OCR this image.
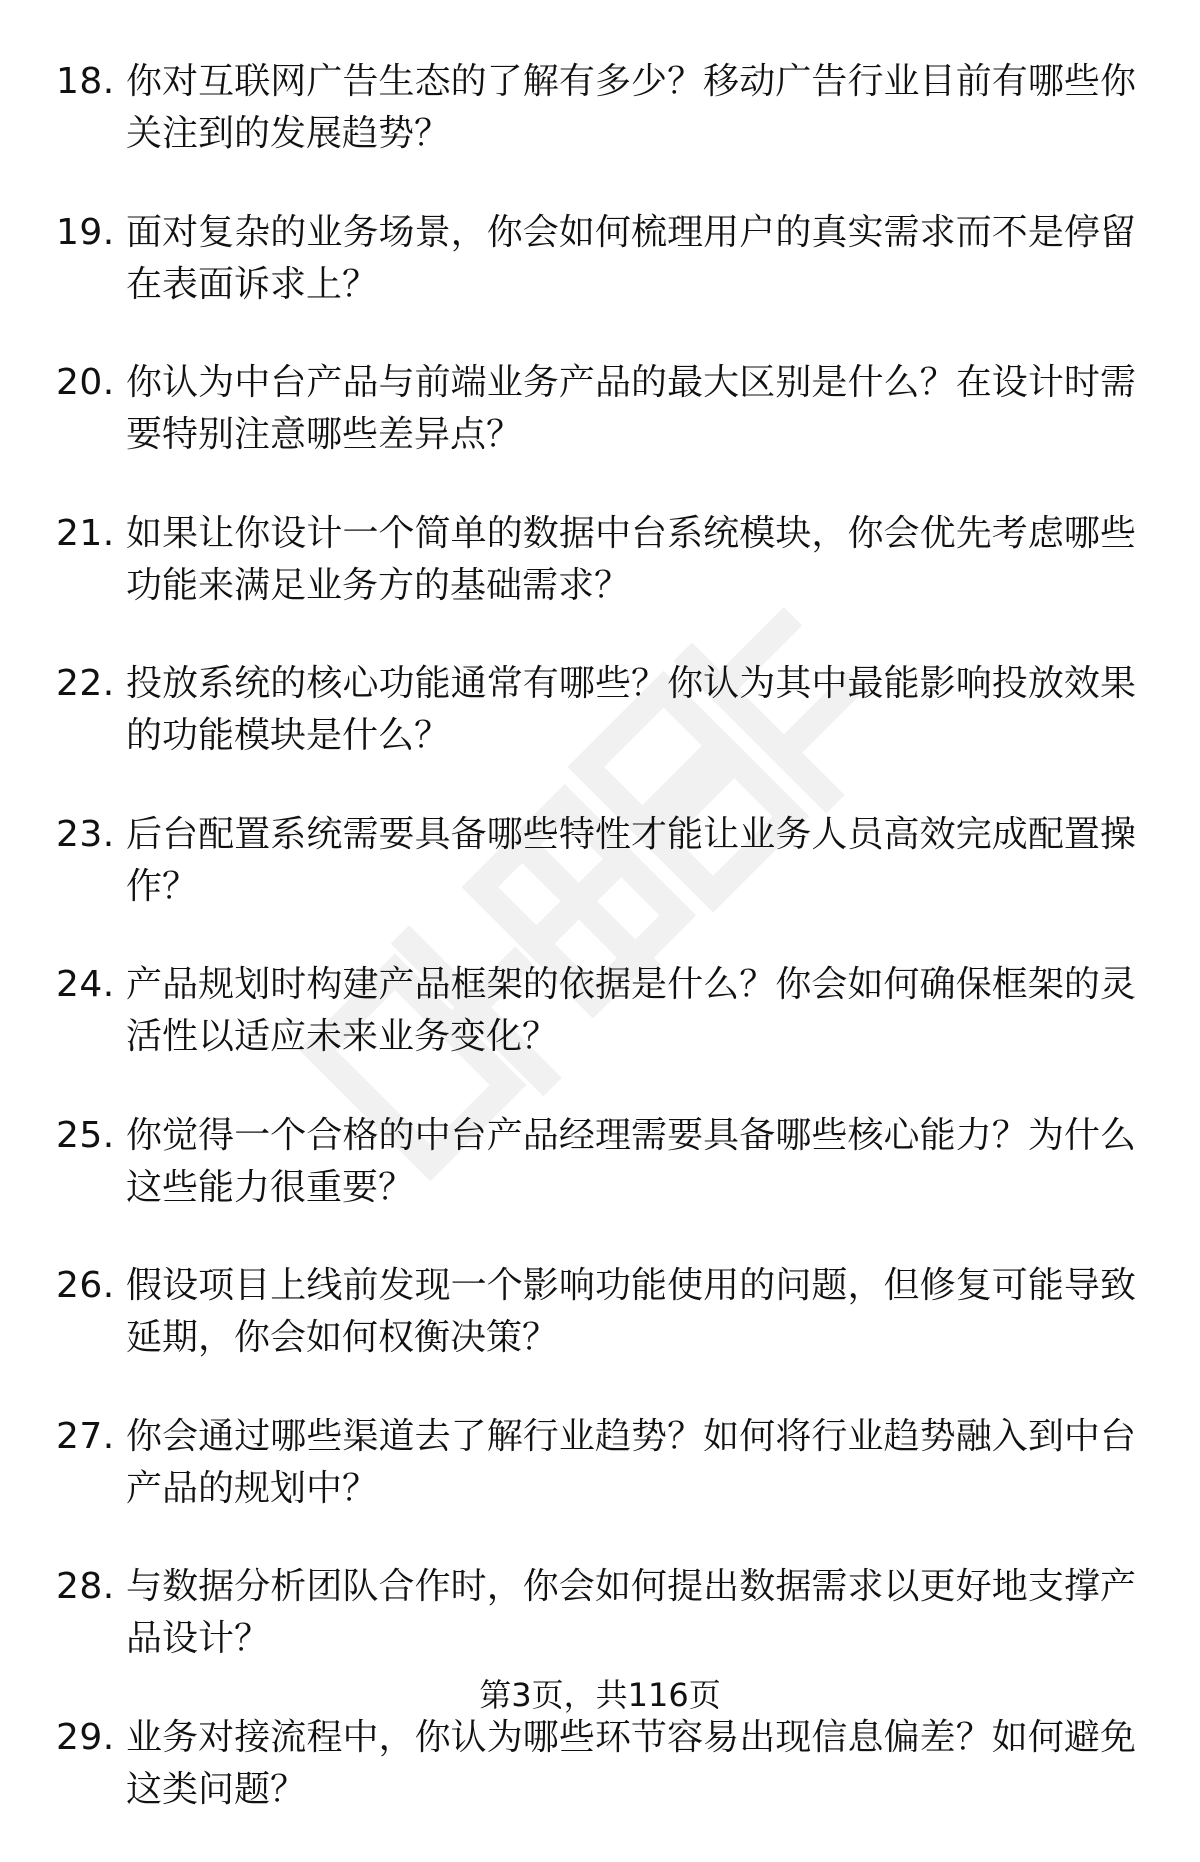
18. 你对互联网广告生态的了解有多少？移动广告行业目前有哪些你关注到的发展趋势？
19. 面对复杂的业务场景，你会如何梳理用户的真实需求而不是停留在表面诉求上？
20. 你认为中台产品与前端业务产品的最大区别是什么？在设计时需要特别注意哪些差异点？
21. 如果让你设计一个简单的数据中台系统模块，你会优先考虑哪些功能来满足业务方的基础需求？
22. 投放系统的核心功能通常有哪些？你认为其中最能影响投放效果的功能模块是什么？
23. 后台配置系统需要具备哪些特性才能让业务人员高效完成配置操作？
24. 产品规划时构建产品框架的依据是什么？你会如何确保框架的灵活性以适应未来业务变化？
25. 你觉得一个合格的中台产品经理需要具备哪些核心能力？为什么这些能力很重要？
26. 假设项目上线前发现一个影响功能使用的问题，但修复可能导致延期，你会如何权衡决策？
27. 你会通过哪些渠道去了解行业趋势？如何将行业趋势融入到中台产品的规划中？
28. 与数据分析团队合作时，你会如何提出数据需求以更好地支撑产品设计？
29. 业务对接流程中，你认为哪些环节容易出现信息偏差？如何避免这类问题？
第3页，共116页
